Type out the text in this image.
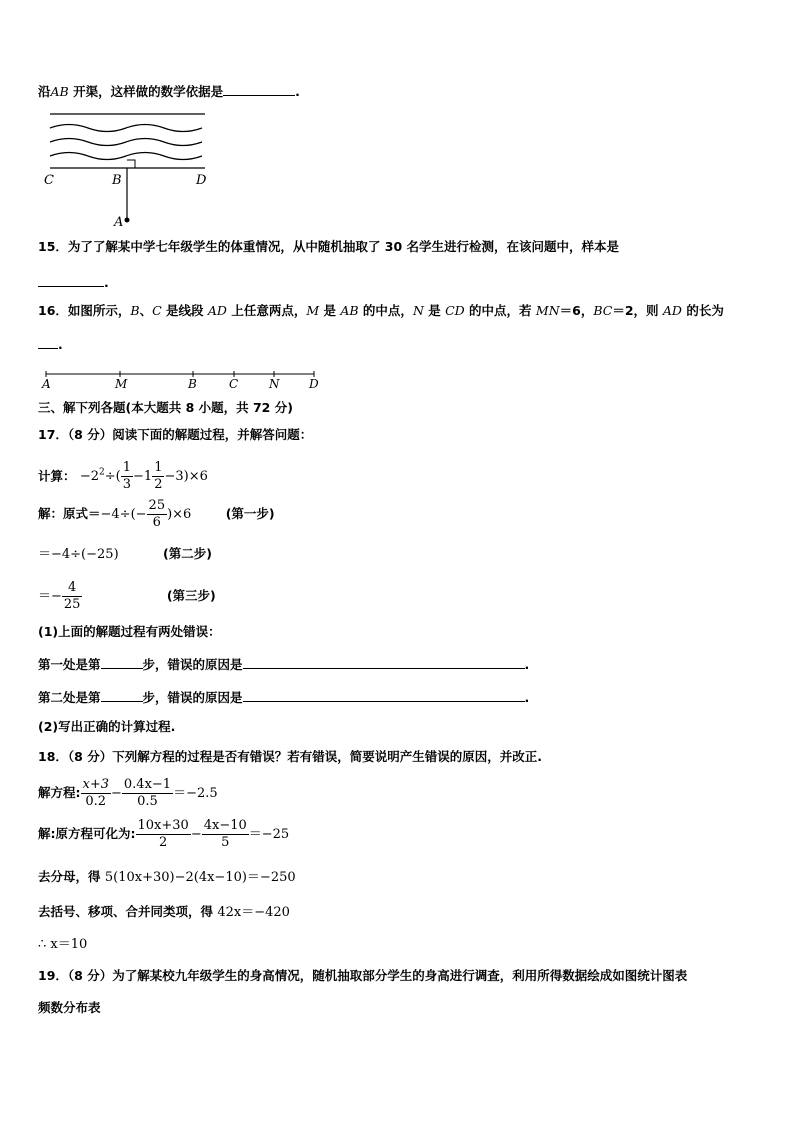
沿AB 开渠，这样做的数学依据是	.
C	B	D
A
15．为了了解某中学七年级学生的体重情况，从中随机抽取了 30 名学生进行检测，在该问题中，样本是
.
16．如图所示，B、C 是线段 AD 上任意两点，M 是 AB 的中点，N 是 CD 的中点，若 MN＝6，BC＝2，则 AD 的长为
.
A	M	B	C	N D
三、解下列各题(本大题共 8 小题，共 72 分)
17．（8 分）阅读下面的解题过程，并解答问题：
计算： $-2^2\div( \frac{1}{3} -1 \frac{1}{2} -3)\times 6$
解：原式$=-4\div(- \frac{25}{6} )\times 6$	(第一步)
＝−4÷(−25)	(第二步)
＝− $\frac{4}{25}$	(第三步)
(1)上面的解题过程有两处错误：
第一处是第	步，错误的原因是	.
第二处是第	步，错误的原因是	.
(2)写出正确的计算过程.
18．（8 分）下列解方程的过程是否有错误？若有错误，简要说明产生错误的原因，并改正.
解方程: $\frac{x+3}{0.2} - \frac{0.4x-1}{0.5} =-2.5$
解:原方程可化为: $\frac{10x+30}{2} - \frac{4x-10}{5} =-25$
去分母，得 5(10x+30)−2(4x−10)＝−250
去括号、移项、合并同类项，得 42x＝−420
∴ x＝10
19．（8 分）为了解某校九年级学生的身高情况，随机抽取部分学生的身高进行调查，利用所得数据绘成如图统计图表
频数分布表
